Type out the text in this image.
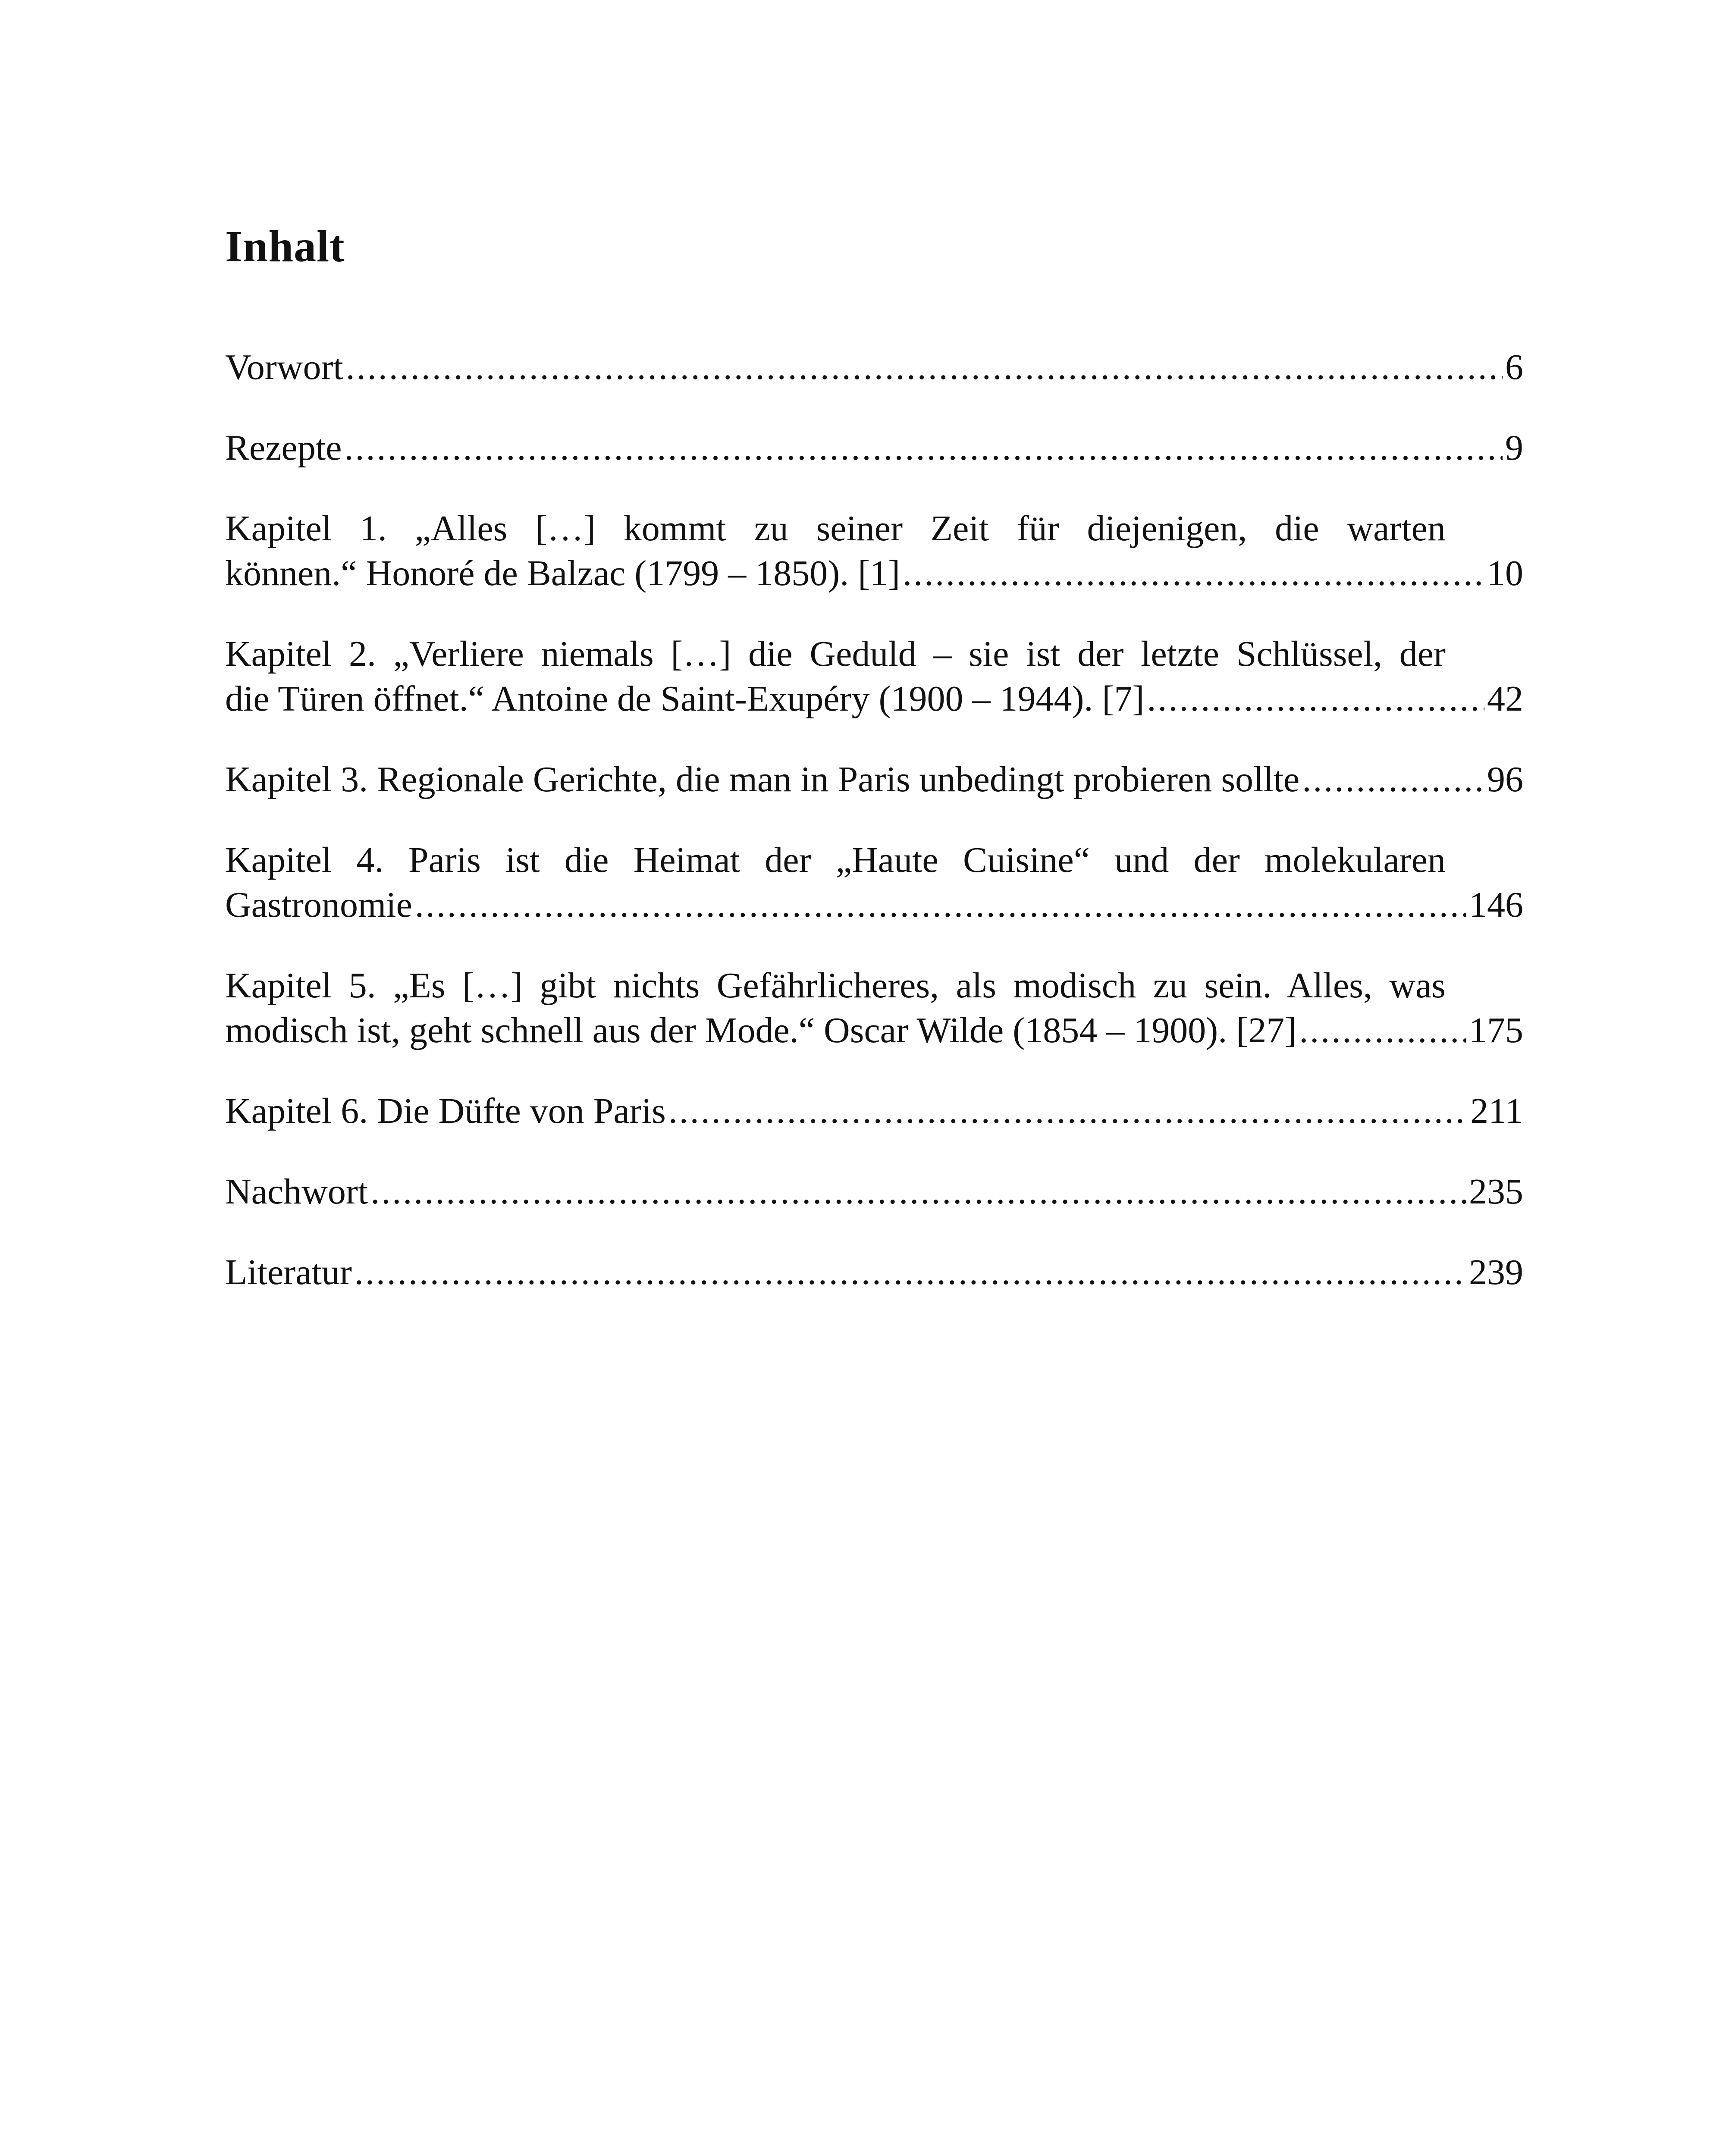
Inhalt
Vorwort .....	6
Rezepte .....	9
Kapitel 1. „Alles […] kommt zu seiner Zeit für diejenigen, die warten
können.“ Honoré de Balzac (1799 – 1850). [1] .....	10
Kapitel 2. „Verliere niemals […] die Geduld – sie ist der letzte Schlüssel, der
die Türen öffnet.“ Antoine de Saint-Exupéry (1900 – 1944). [7] .....	42
Kapitel 3. Regionale Gerichte, die man in Paris unbedingt probieren sollte .....	96
Kapitel 4. Paris ist die Heimat der „Haute Cuisine“ und der molekularen
Gastronomie .....	146
Kapitel 5. „Es […] gibt nichts Gefährlicheres, als modisch zu sein. Alles, was
modisch ist, geht schnell aus der Mode.“ Oscar Wilde (1854 – 1900). [27] .....	175
Kapitel 6. Die Düfte von Paris .....	211
Nachwort .....	235
Literatur .....	239
